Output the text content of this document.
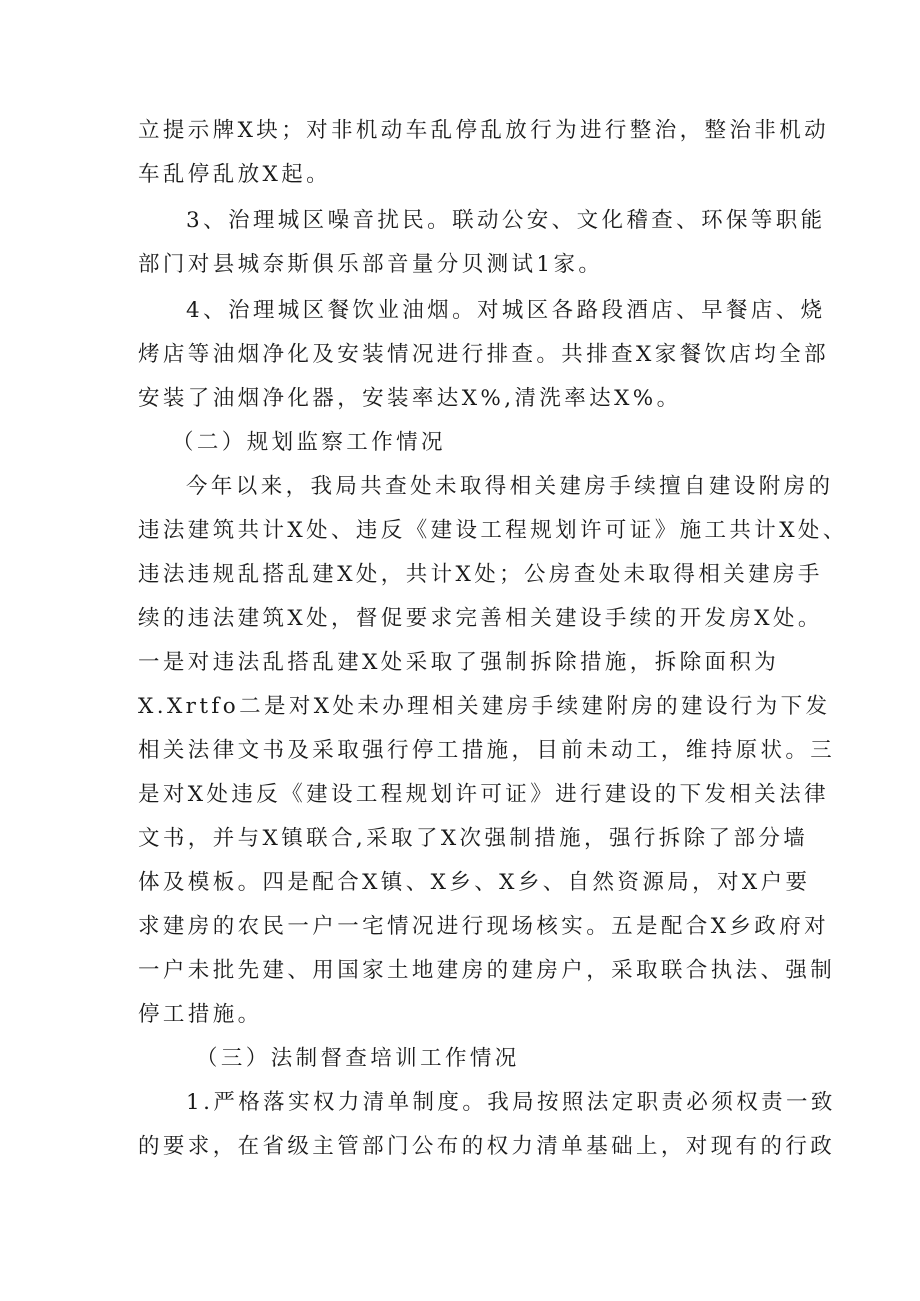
立提示牌X块；对非机动车乱停乱放行为进行整治，整治非机动
车乱停乱放X起。
3、治理城区噪音扰民。联动公安、文化稽查、环保等职能
部门对县城奈斯俱乐部音量分贝测试1家。
4、治理城区餐饮业油烟。对城区各路段酒店、早餐店、烧
烤店等油烟净化及安装情况进行排查。共排查X家餐饮店均全部
安装了油烟净化器，安装率达X%,清洗率达X%。
（二）规划监察工作情况
今年以来，我局共查处未取得相关建房手续擅自建设附房的
违法建筑共计X处、违反《建设工程规划许可证》施工共计X处、
违法违规乱搭乱建X处，共计X处；公房查处未取得相关建房手
续的违法建筑X处，督促要求完善相关建设手续的开发房X处。
一是对违法乱搭乱建X处采取了强制拆除措施，拆除面积为
X.Xrtfo二是对X处未办理相关建房手续建附房的建设行为下发
相关法律文书及采取强行停工措施，目前未动工，维持原状。三
是对X处违反《建设工程规划许可证》进行建设的下发相关法律
文书，并与X镇联合,采取了X次强制措施，强行拆除了部分墙
体及模板。四是配合X镇、X乡、X乡、自然资源局，对X户要
求建房的农民一户一宅情况进行现场核实。五是配合X乡政府对
一户未批先建、用国家土地建房的建房户，采取联合执法、强制
停工措施。
（三）法制督查培训工作情况
1.严格落实权力清单制度。我局按照法定职责必须权责一致
的要求，在省级主管部门公布的权力清单基础上，对现有的行政
